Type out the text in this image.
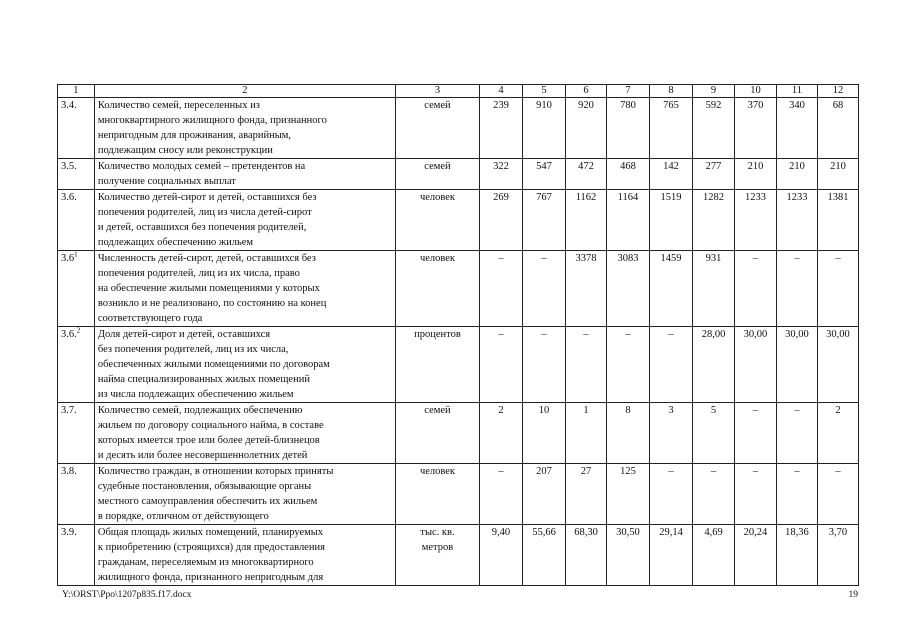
1	2	3	4	5	6	7	8	9	10	11	12
3.4.	Количество семей, переселенных из
многоквартирного жилищного фонда, признанного
непригодным для проживания, аварийным,
подлежащим сносу или реконструкции	семей	239	910	920	780	765	592	370	340	68
3.5.	Количество молодых семей – претендентов на
получение социальных выплат	семей	322	547	472	468	142	277	210	210	210
3.6.	Количество детей-сирот и детей, оставшихся без
попечения родителей, лиц из числа детей-сирот
и детей, оставшихся без попечения родителей,
подлежащих обеспечению жильем	человек	269	767	1162	1164	1519	1282	1233	1233	1381
$3.6^1$	Численность детей-сирот, детей, оставшихся без
попечения родителей, лиц из их числа, право
на обеспечение жилыми помещениями у которых
возникло и не реализовано, по состоянию на конец
соответствующего года	человек	–	–	3378	3083	1459	931	–	–	–
3.6.$^2$	Доля детей-сирот и детей, оставшихся
без попечения родителей, лиц из их числа,
обеспеченных жилыми помещениями по договорам
найма специализированных жилых помещений
из числа подлежащих обеспечению жильем	процентов	–	–	–	–	–	28,00	30,00	30,00	30,00
3.7.	Количество семей, подлежащих обеспечению
жильем по договору социального найма, в составе
которых имеется трое или более детей-близнецов
и десять или более несовершеннолетних детей	семей	2	10	1	8	3	5	–	–	2
3.8.	Количество граждан, в отношении которых приняты
судебные постановления, обязывающие органы
местного самоуправления обеспечить их жильем
в порядке, отличном от действующего	человек	–	207	27	125	–	–	–	–	–
3.9.	Общая площадь жилых помещений, планируемых
к приобретению (строящихся) для предоставления
гражданам, переселяемым из многоквартирного
жилищного фонда, признанного непригодным для	тыс. кв.
метров	9,40	55,66	68,30	30,50	29,14	4,69	20,24	18,36	3,70
Y:\ORST\Ppo\1207p835.f17.docx	19
